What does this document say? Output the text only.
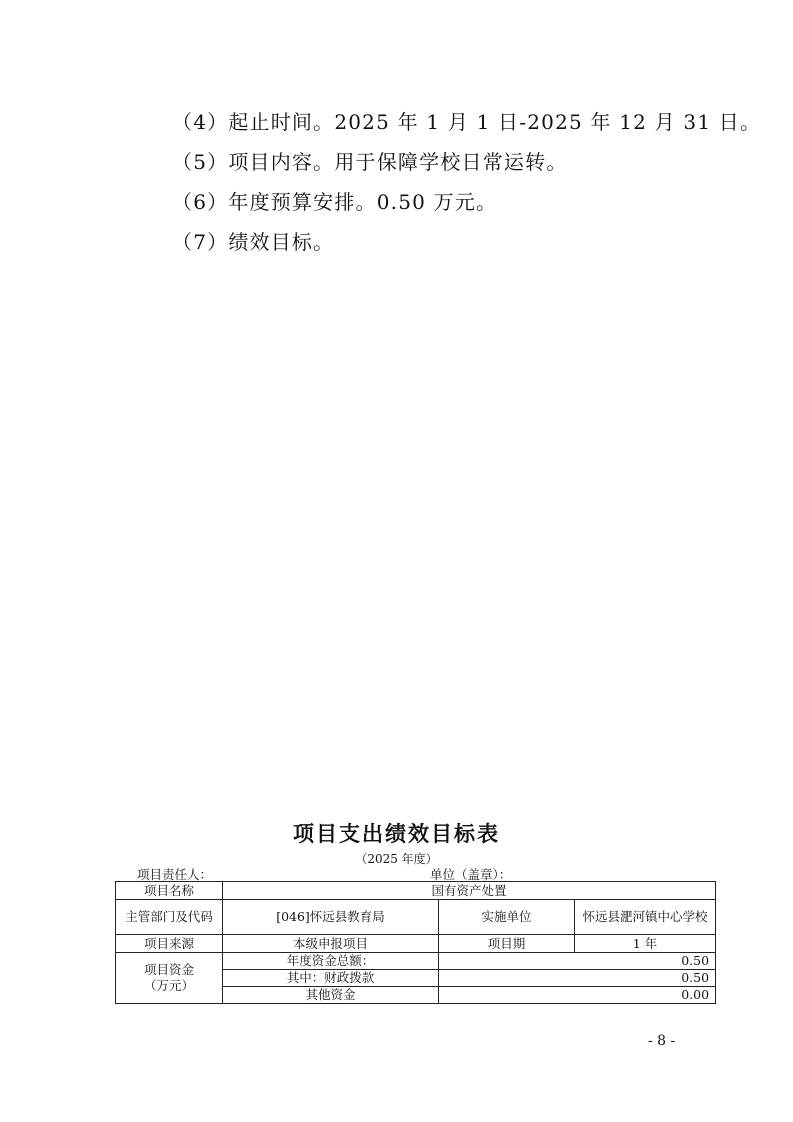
（4）起止时间。2025 年 1 月 1 日-2025 年 12 月 31 日。
（5）项目内容。用于保障学校日常运转。
（6）年度预算安排。0.50 万元。
（7）绩效目标。
项目支出绩效目标表
（2025 年度）
项目责任人：	单位（盖章）：
项目名称	国有资产处置		
主管部门及代码	[046]怀远县教育局	实施单位	怀远县淝河镇中心学校
项目来源	本级申报项目	项目期	1 年

项目资金
（万元）	年度资金总额：	0.50	
	其中：财政拨款	0.50	
	其他资金	0.00	
- 8 -
